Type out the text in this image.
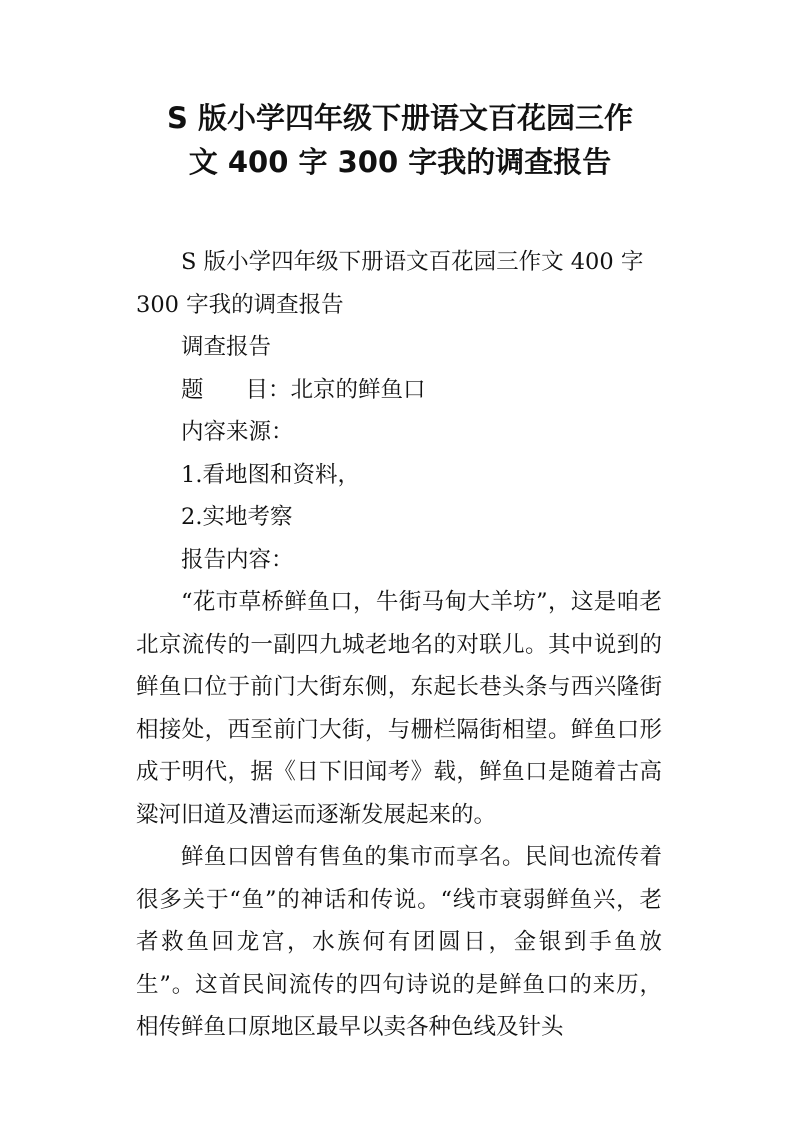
S 版小学四年级下册语文百花园三作
文 400 字 300 字我的调查报告

S 版小学四年级下册语文百花园三作文 400 字 300 字我的调查报告

调查报告

题 目：北京的鲜鱼口

内容来源：

1.看地图和资料，

2.实地考察

报告内容：

“花市草桥鲜鱼口，牛街马甸大羊坊”，这是咱老北京流传的一副四九城老地名的对联儿。其中说到的鲜鱼口位于前门大街东侧，东起长巷头条与西兴隆街相接处，西至前门大街，与栅栏隔街相望。鲜鱼口形成于明代，据《日下旧闻考》载，鲜鱼口是随着古高粱河旧道及漕运而逐渐发展起来的。

鲜鱼口因曾有售鱼的集市而享名。民间也流传着很多关于“鱼”的神话和传说。“线市衰弱鲜鱼兴，老者救鱼回龙宫，水族何有团圆日，金银到手鱼放生”。这首民间流传的四句诗说的是鲜鱼口的来历，相传鲜鱼口原地区最早以卖各种色线及针头
